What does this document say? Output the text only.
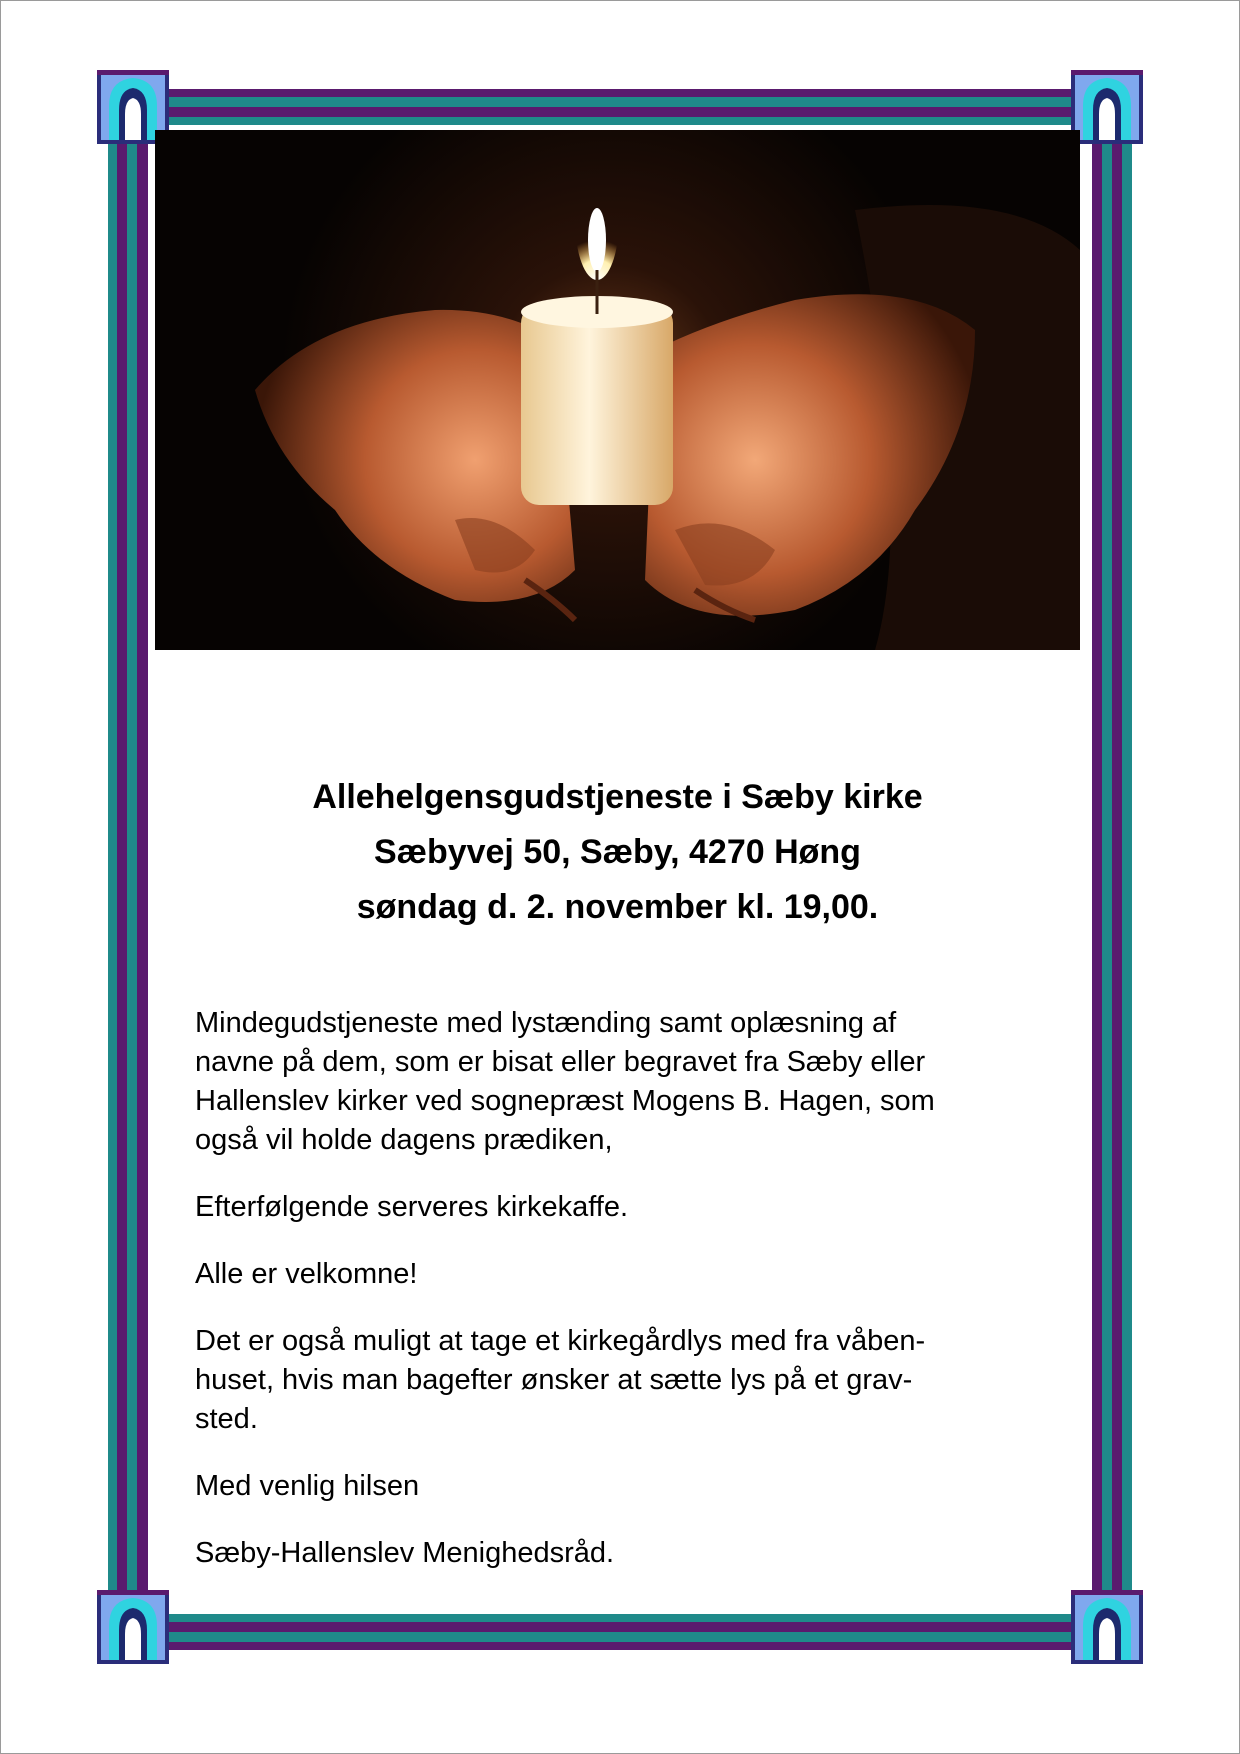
Allehelgensgudstjeneste i Sæby kirke
Sæbyvej 50, Sæby, 4270 Høng
søndag d. 2. november kl. 19,00.

Mindegudstjeneste med lystænding samt oplæsning af
navne på dem, som er bisat eller begravet fra Sæby eller
Hallenslev kirker ved sognepræst Mogens B. Hagen, som
også vil holde dagens prædiken,

Efterfølgende serveres kirkekaffe.

Alle er velkomne!

Det er også muligt at tage et kirkegårdlys med fra våben-
huset, hvis man bagefter ønsker at sætte lys på et grav-
sted.

Med venlig hilsen

Sæby-Hallenslev Menighedsråd.
